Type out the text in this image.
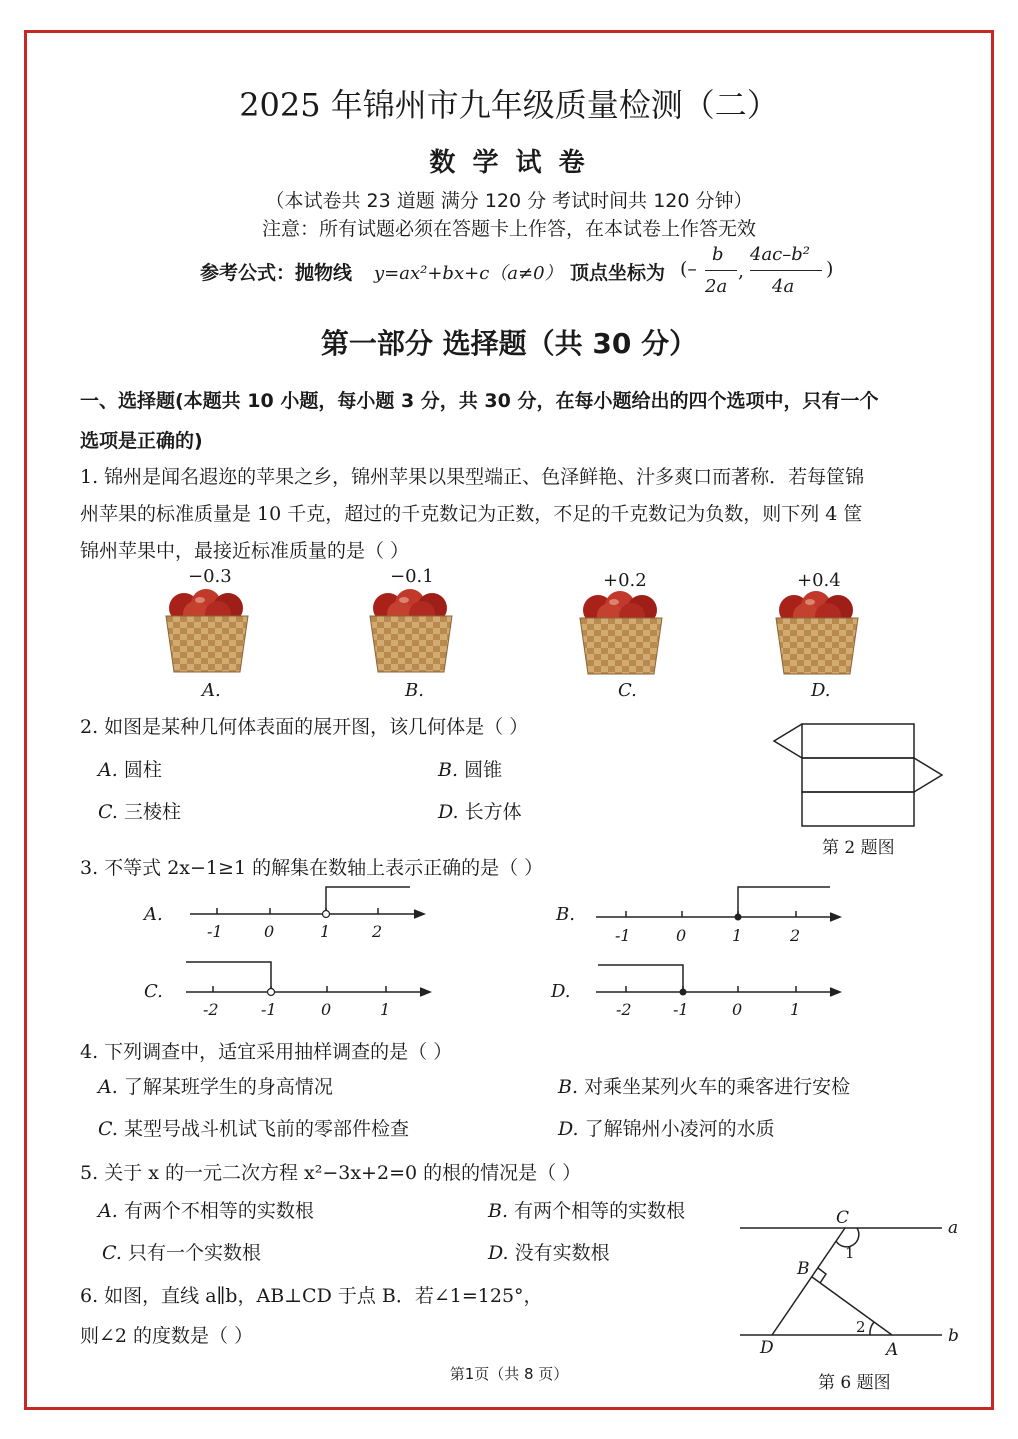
2025 年锦州市九年级质量检测（二）
数 学 试 卷
（本试卷共 23 道题 满分 120 分 考试时间共 120 分钟）
注意：所有试题必须在答题卡上作答，在本试卷上作答无效
参考公式：抛物线 y=ax²+bx+c（a≠0） 顶点坐标为 (–
b
2a
,
4ac–b²
4a
)
第一部分 选择题（共 30 分）
一、选择题(本题共 10 小题，每小题 3 分，共 30 分，在每小题给出的四个选项中，只有一个
选项是正确的)
1. 锦州是闻名遐迩的苹果之乡，锦州苹果以果型端正、色泽鲜艳、汁多爽口而著称．若每筐锦
州苹果的标准质量是 10 千克，超过的千克数记为正数，不足的千克数记为负数，则下列 4 筐
锦州苹果中，最接近标准质量的是（ ）
−0.3	−0.1	+0.2	+0.4
A.	B.	C.	D.
2. 如图是某种几何体表面的展开图，该几何体是（ ）
A. 圆柱	B. 圆锥
C. 三棱柱	D. 长方体
第 2 题图
3. 不等式 2x−1≥1 的解集在数轴上表示正确的是（ ）
A.
-1	0	1	2
B.
-1	0	1	2
C.
-2	-1	0	1
D.
-2	-1	0	1
4. 下列调查中，适宜采用抽样调查的是（ ）
A. 了解某班学生的身高情况	B. 对乘坐某列火车的乘客进行安检
C. 某型号战斗机试飞前的零部件检查	D. 了解锦州小凌河的水质
5. 关于 x 的一元二次方程 x²−3x+2=0 的根的情况是（ ）
A. 有两个不相等的实数根	B. 有两个相等的实数根
C. 只有一个实数根	D. 没有实数根
6. 如图，直线 a∥b，AB⊥CD 于点 B．若∠1=125°，
则∠2 的度数是（ ）
C	a
1
B
2
D	A
b
第 6 题图
第1页（共 8 页）
